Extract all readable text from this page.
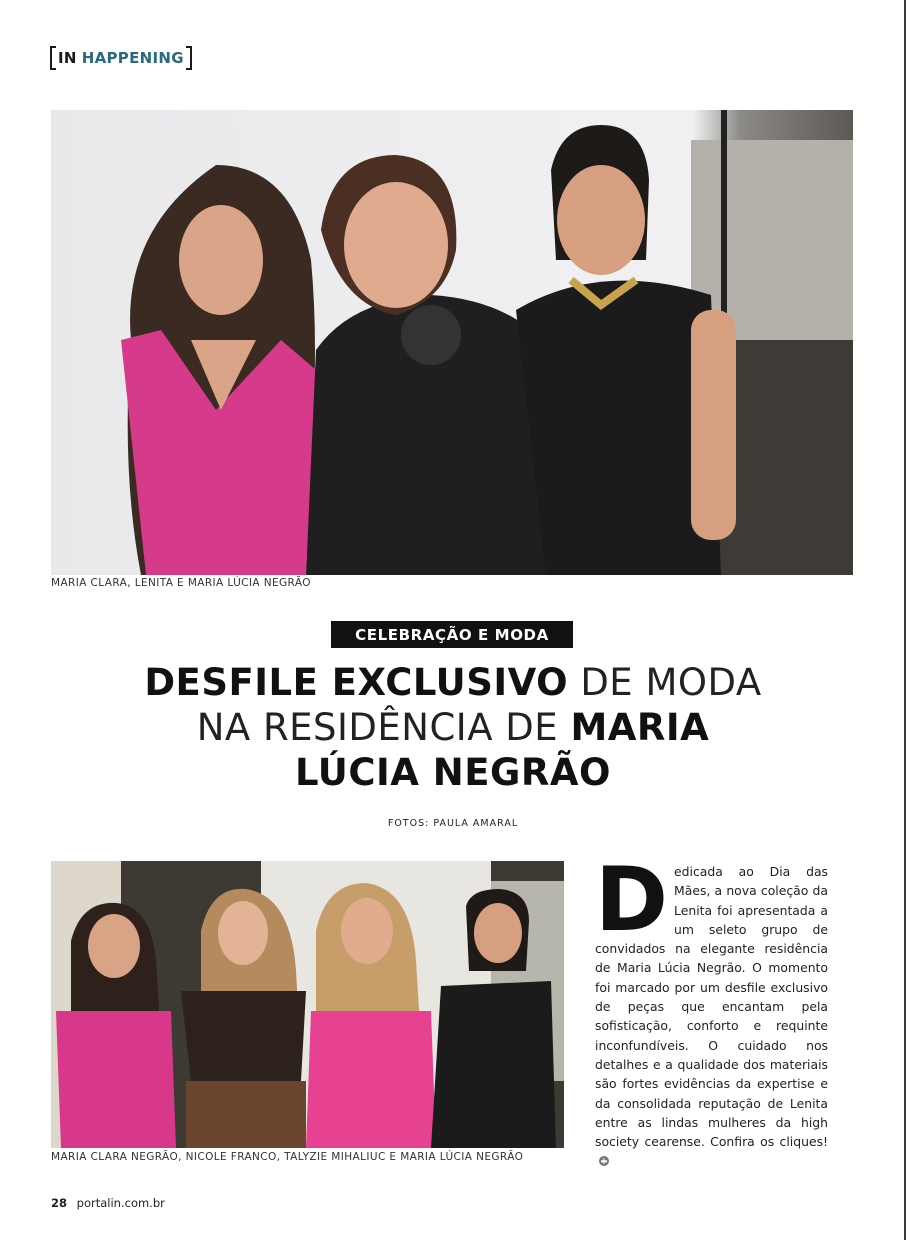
IN HAPPENING
MARIA CLARA, LENITA E MARIA LÚCIA NEGRÃO
CELEBRAÇÃO E MODA
DESFILE EXCLUSIVO DE MODA
NA RESIDÊNCIA DE MARIA
LÚCIA NEGRÃO
FOTOS: PAULA AMARAL
MARIA CLARA NEGRÃO, NICOLE FRANCO, TALYZIE MIHALIUC E MARIA LÚCIA NEGRÃO
Dedicada ao Dia das Mães, a nova coleção da Lenita foi apresentada a um seleto grupo de convidados na elegante residência de Maria Lúcia Negrão. O momento foi marcado por um desfile exclusivo de peças que encantam pela sofisticação, conforto e requinte inconfundíveis. O cuidado nos detalhes e a qualidade dos materiais são fortes evidências da expertise e da consolidada reputação de Lenita entre as lindas mulheres da high society cearense. Confira os cliques!
28 portalin.com.br
